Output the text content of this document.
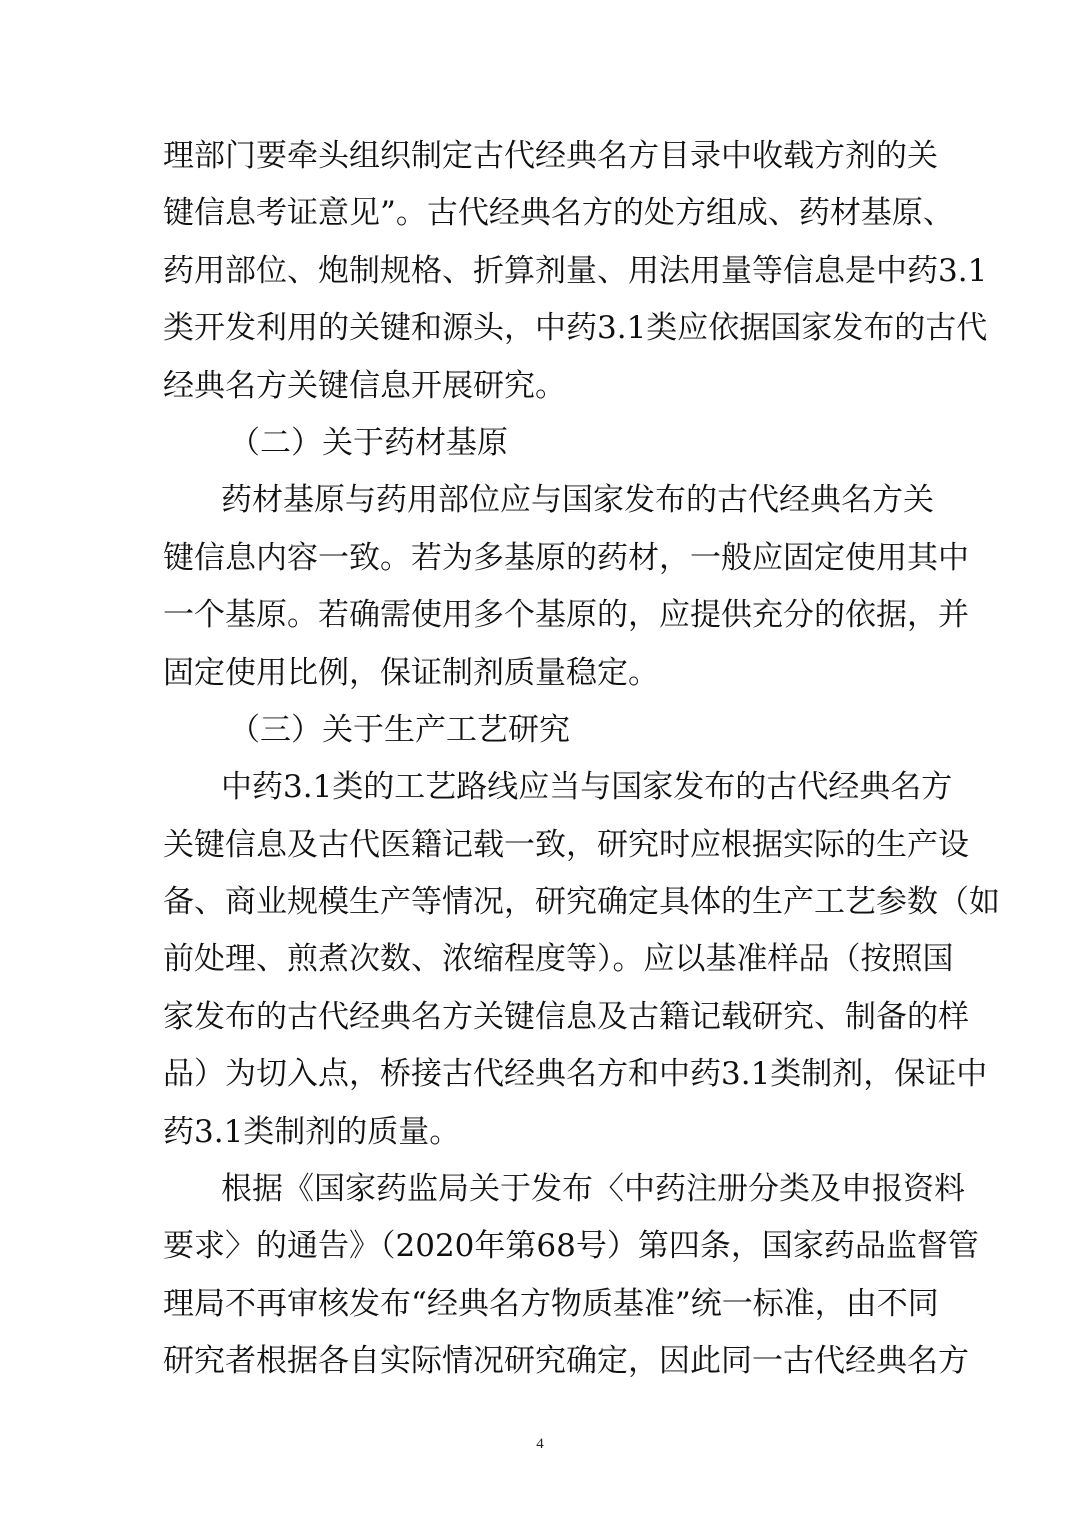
理部门要牵头组织制定古代经典名方目录中收载方剂的关
键信息考证意见”。古代经典名方的处方组成、药材基原、
药用部位、炮制规格、折算剂量、用法用量等信息是中药3.1
类开发利用的关键和源头，中药3.1类应依据国家发布的古代
经典名方关键信息开展研究。
（二）关于药材基原
药材基原与药用部位应与国家发布的古代经典名方关
键信息内容一致。若为多基原的药材，一般应固定使用其中
一个基原。若确需使用多个基原的，应提供充分的依据，并
固定使用比例，保证制剂质量稳定。
（三）关于生产工艺研究
中药3.1类的工艺路线应当与国家发布的古代经典名方
关键信息及古代医籍记载一致，研究时应根据实际的生产设
备、商业规模生产等情况，研究确定具体的生产工艺参数（如
前处理、煎煮次数、浓缩程度等）。应以基准样品（按照国
家发布的古代经典名方关键信息及古籍记载研究、制备的样
品）为切入点，桥接古代经典名方和中药3.1类制剂，保证中
药3.1类制剂的质量。
根据《国家药监局关于发布〈中药注册分类及申报资料
要求〉的通告》（2020年第68号）第四条，国家药品监督管
理局不再审核发布“经典名方物质基准”统一标准，由不同
研究者根据各自实际情况研究确定，因此同一古代经典名方
4
